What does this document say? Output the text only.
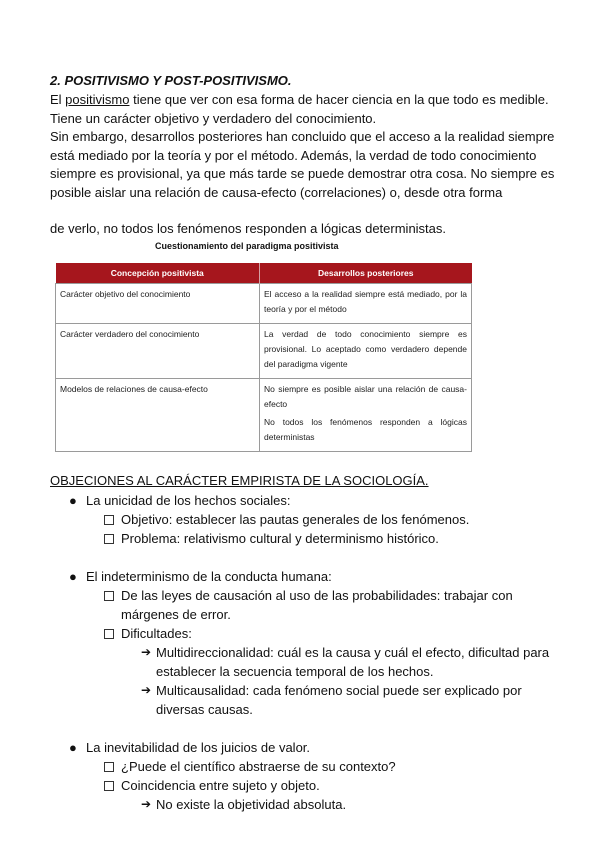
2. POSITIVISMO Y POST-POSITIVISMO.

El positivismo tiene que ver con esa forma de hacer ciencia en la que todo es medible. Tiene un carácter objetivo y verdadero del conocimiento.

Sin embargo, desarrollos posteriores han concluido que el acceso a la realidad siempre está mediado por la teoría y por el método. Además, la verdad de todo conocimiento siempre es provisional, ya que más tarde se puede demostrar otra cosa. No siempre es posible aislar una relación de causa-efecto (correlaciones) o, desde otra forma

de verlo, no todos los fenómenos responden a lógicas deterministas.

Cuestionamiento del paradigma positivista

Concepción positivista	Desarrollos posteriores
Carácter objetivo del conocimiento	El acceso a la realidad siempre está mediado, por la teoría y por el método

Carácter verdadero del conocimiento	La verdad de todo conocimiento siempre es provisional. Lo aceptado como verdadero depende del paradigma vigente

Modelos de relaciones de causa-efecto	No siempre es posible aislar una relación de causa-efecto
No todos los fenómenos responden a lógicas deterministas

OBJECIONES AL CARÁCTER EMPIRISTA DE LA SOCIOLOGÍA.

● La unicidad de los hechos sociales:
Objetivo: establecer las pautas generales de los fenómenos.
Problema: relativismo cultural y determinismo histórico.
● El indeterminismo de la conducta humana:
De las leyes de causación al uso de las probabilidades: trabajar con márgenes de error.
Dificultades:
➔ Multidireccionalidad: cuál es la causa y cuál el efecto, dificultad para establecer la secuencia temporal de los hechos.
➔ Multicausalidad: cada fenómeno social puede ser explicado por diversas causas.
● La inevitabilidad de los juicios de valor.
¿Puede el científico abstraerse de su contexto?
Coincidencia entre sujeto y objeto.
➔ No existe la objetividad absoluta.
